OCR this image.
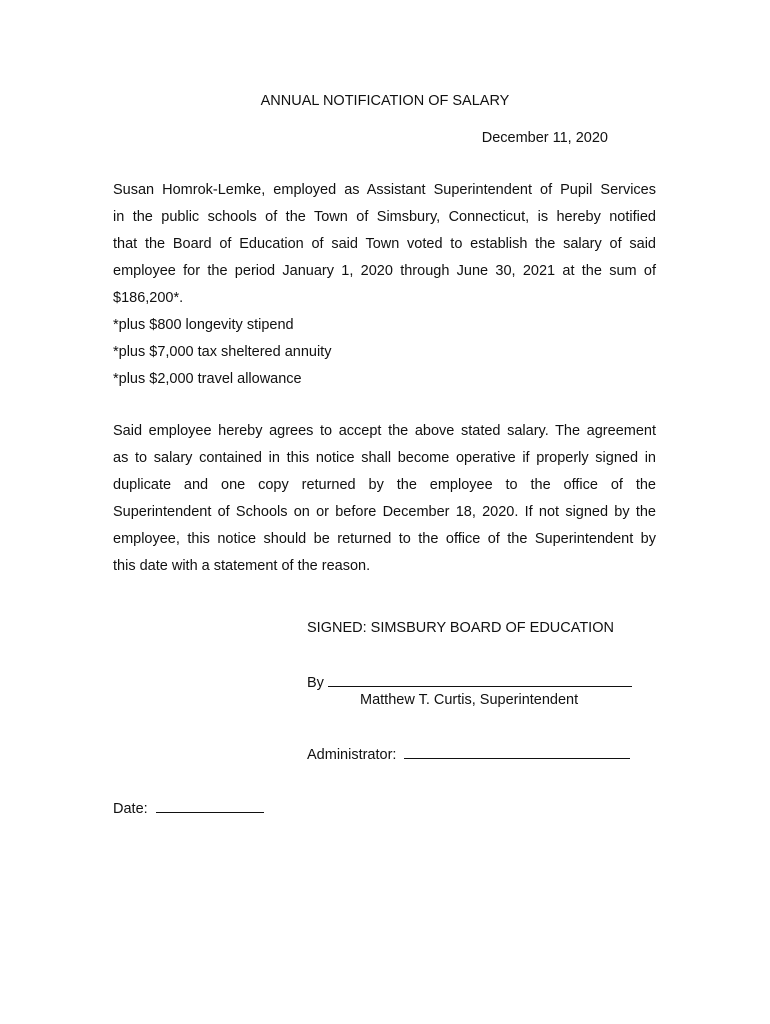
ANNUAL NOTIFICATION OF SALARY
December 11, 2020
Susan Homrok-Lemke, employed as Assistant Superintendent of Pupil Services
in the public schools of the Town of Simsbury, Connecticut, is hereby notified
that the Board of Education of said Town voted to establish the salary of said
employee for the period January 1, 2020 through June 30, 2021 at the sum of
$186,200*.
*plus $800 longevity stipend
*plus $7,000 tax sheltered annuity
*plus $2,000 travel allowance
Said employee hereby agrees to accept the above stated salary. The agreement
as to salary contained in this notice shall become operative if properly signed in
duplicate and one copy returned by the employee to the office of the
Superintendent of Schools on or before December 18, 2020. If not signed by the
employee, this notice should be returned to the office of the Superintendent by
this date with a statement of the reason.
SIGNED: SIMSBURY BOARD OF EDUCATION
By
Matthew T. Curtis, Superintendent
Administrator:
Date:
